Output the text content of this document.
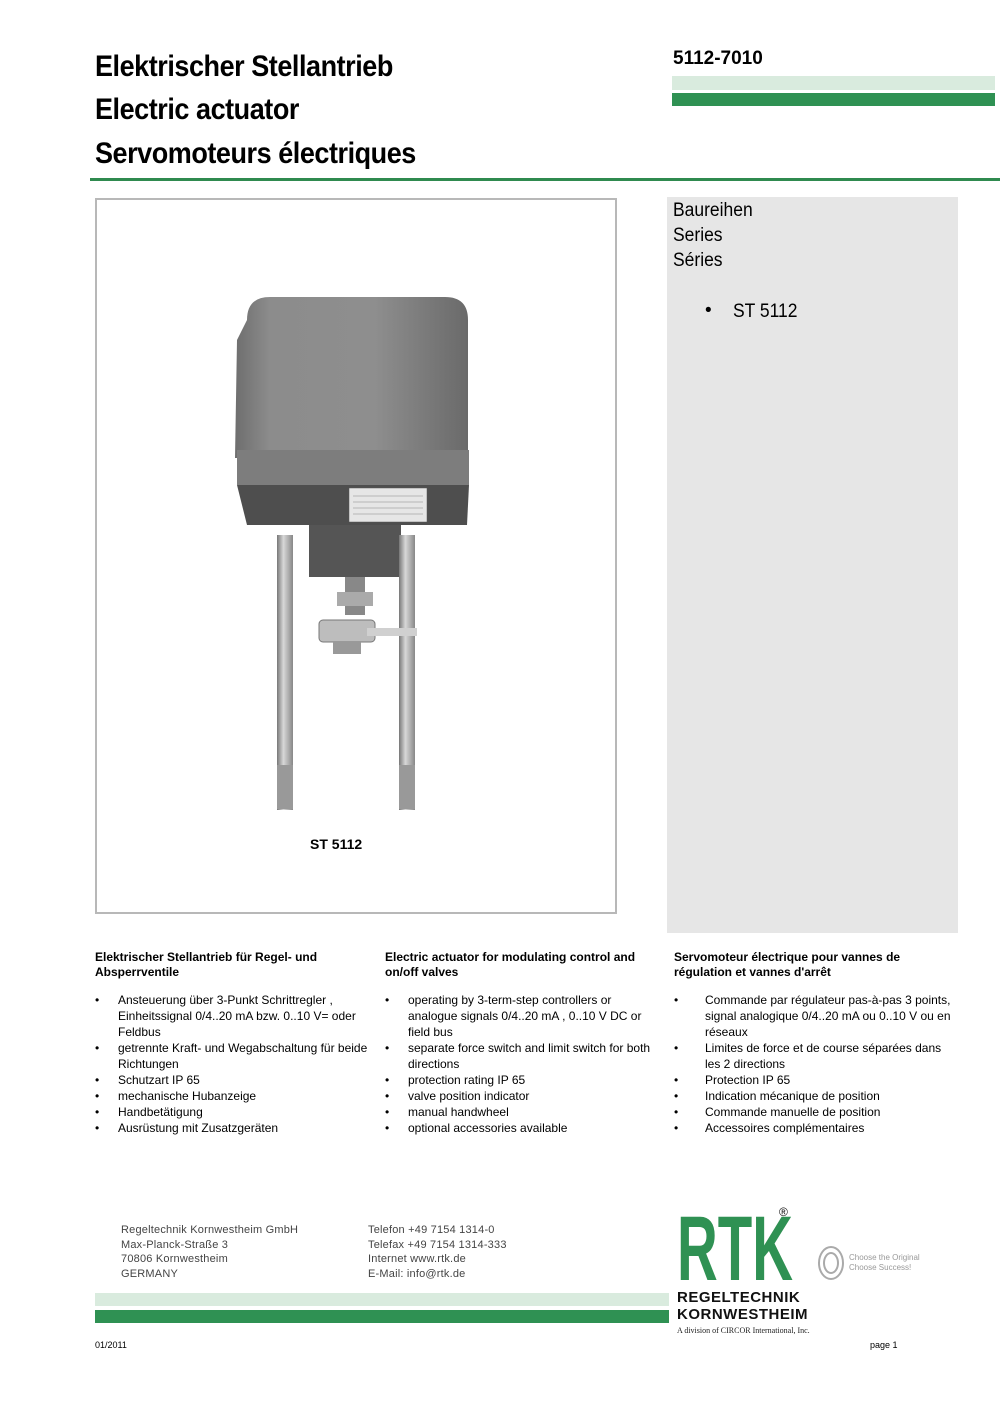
Elektrischer Stellantrieb
Electric actuator
Servomoteurs électriques
5112-7010
ST 5112
Baureihen
Series
Séries
• ST 5112
Elektrischer Stellantrieb für Regel- und Absperrventile
• Ansteuerung über 3-Punkt Schrittregler , Einheitssignal 0/4..20 mA bzw. 0..10 V= oder Feldbus
• getrennte Kraft- und Wegabschaltung für beide Richtungen
• Schutzart IP 65
• mechanische Hubanzeige
• Handbetätigung
• Ausrüstung mit Zusatzgeräten
Electric actuator for modulating control and on/off valves
• operating by 3-term-step controllers or analogue signals 0/4..20 mA , 0..10 V DC or field bus
• separate force switch and limit switch for both directions
• protection rating IP 65
• valve position indicator
• manual handwheel
• optional accessories available
Servomoteur électrique pour vannes de régulation et vannes d'arrêt
• Commande par régulateur pas-à-pas 3 points, signal analogique 0/4..20 mA ou 0..10 V ou en réseaux
• Limites de force et de course séparées dans les 2 directions
• Protection IP 65
• Indication mécanique de position
• Commande manuelle de position
• Accessoires complémentaires
Regeltechnik Kornwestheim GmbH
Max-Planck-Straße 3
70806 Kornwestheim
GERMANY
Telefon +49 7154 1314-0
Telefax +49 7154 1314-333
Internet www.rtk.de
E-Mail: info@rtk.de RTK
®
REGELTECHNIK
KORNWESTHEIM
A division of CIRCOR International, Inc.
Choose the Original
Choose Success!
01/2011	page 1
